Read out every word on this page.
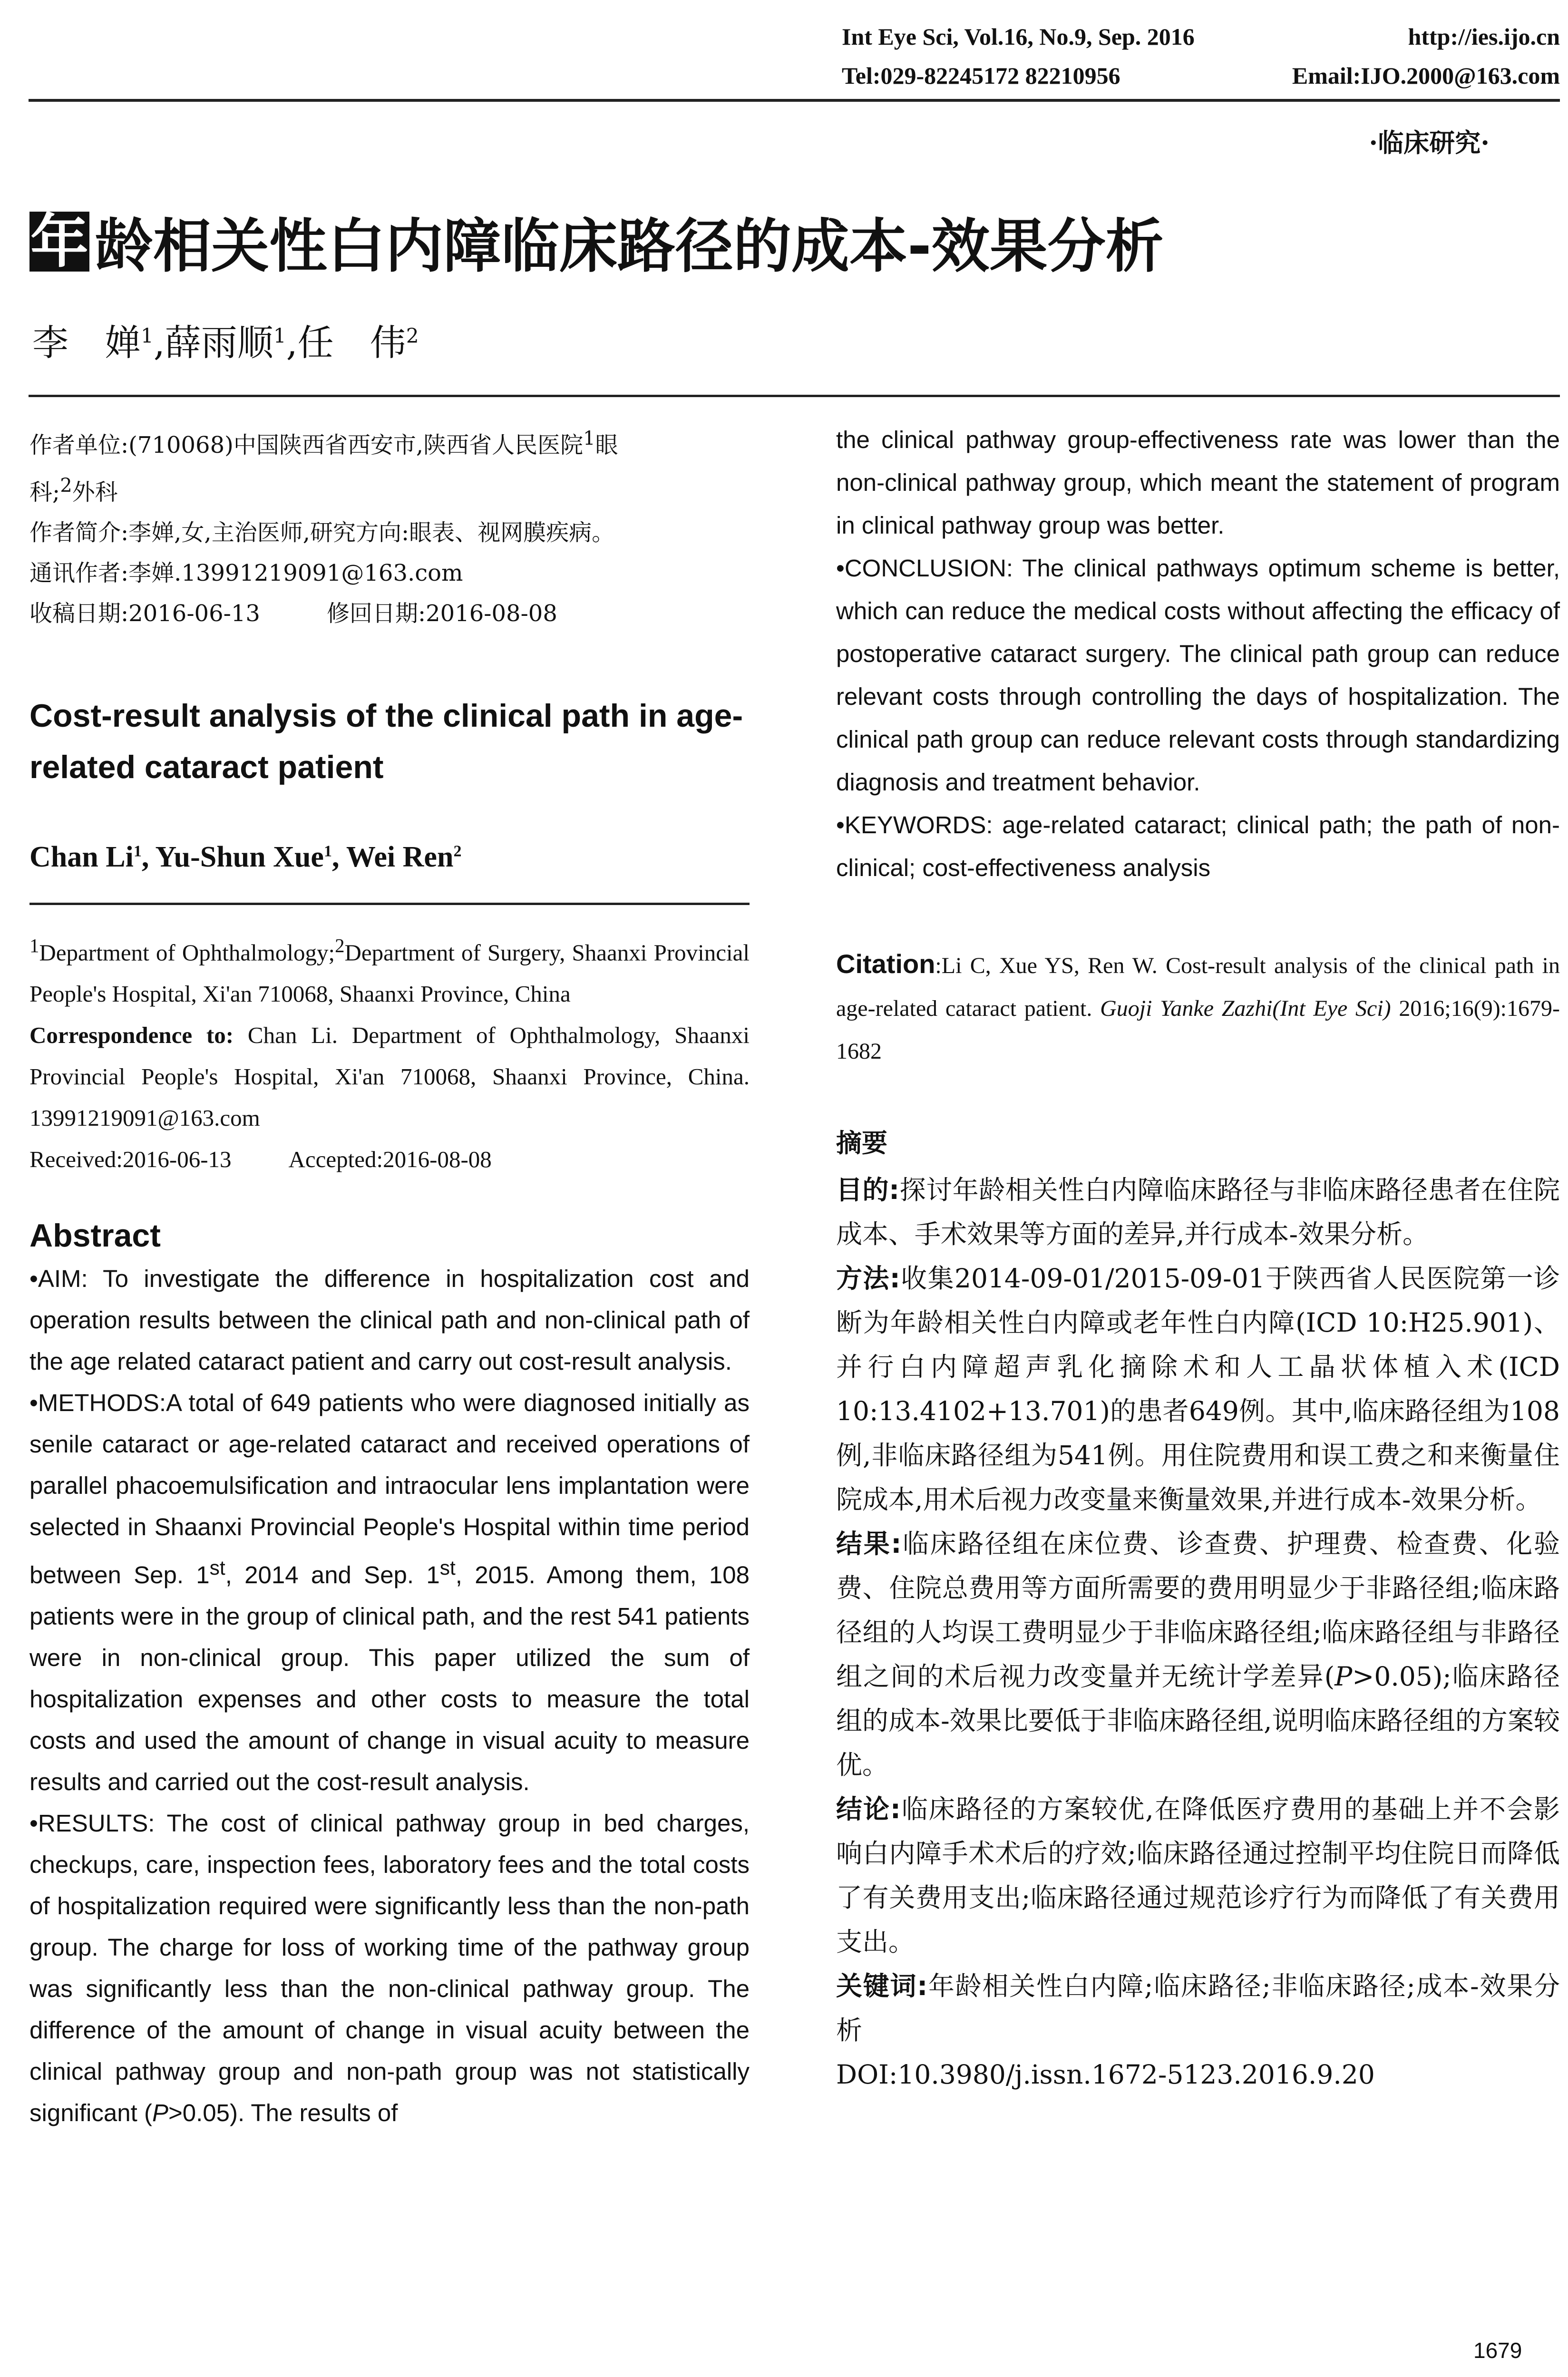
Int Eye Sci, Vol.16, No.9, Sep. 2016	http://ies.ijo.cn
Tel:029-82245172 82210956	Email:IJO.2000@163.com
·临床研究·
年 龄相关性白内障临床路径的成本-效果分析
李　婵$^1$,薛雨顺$^1$,任　伟$^2$
作者单位:(710068)中国陕西省西安市,陕西省人民医院$^1$眼
科;$^2$外科
作者简介:李婵,女,主治医师,研究方向:眼表、视网膜疾病。
通讯作者:李婵.13991219091@163.com
收稿日期:2016-06-13	修回日期:2016-08-08
Cost-result analysis of the clinical path in age-related cataract patient
Chan Li$^1$, Yu-Shun Xue$^1$, Wei Ren$^2$

$^1$Department of Ophthalmology;$^2$Department of Surgery, Shaanxi Provincial People's Hospital, Xi'an 710068, Shaanxi Province, China

Correspondence to: Chan Li. Department of Ophthalmology, Shaanxi Provincial People's Hospital, Xi'an 710068, Shaanxi Province, China. 13991219091@163.com

Received:2016-06-13 Accepted:2016-08-08

Abstract

•AIM: To investigate the difference in hospitalization cost and operation results between the clinical path and non-clinical path of the age related cataract patient and carry out cost-result analysis.

•METHODS:A total of 649 patients who were diagnosed initially as senile cataract or age-related cataract and received operations of parallel phacoemulsification and intraocular lens implantation were selected in Shaanxi Provincial People's Hospital within time period between Sep. 1st, 2014 and Sep. 1st, 2015. Among them, 108 patients were in the group of clinical path, and the rest 541 patients were in non-clinical group. This paper utilized the sum of hospitalization expenses and other costs to measure the total costs and used the amount of change in visual acuity to measure results and carried out the cost-result analysis.

•RESULTS: The cost of clinical pathway group in bed charges, checkups, care, inspection fees, laboratory fees and the total costs of hospitalization required were significantly less than the non-path group. The charge for loss of working time of the pathway group was significantly less than the non-clinical pathway group. The difference of the amount of change in visual acuity between the clinical pathway group and non-path group was not statistically significant (P>0.05). The results of

the clinical pathway group-effectiveness rate was lower than the non-clinical pathway group, which meant the statement of program in clinical pathway group was better.

•CONCLUSION: The clinical pathways optimum scheme is better, which can reduce the medical costs without affecting the efficacy of postoperative cataract surgery. The clinical path group can reduce relevant costs through controlling the days of hospitalization. The clinical path group can reduce relevant costs through standardizing diagnosis and treatment behavior.

•KEYWORDS: age-related cataract; clinical path; the path of non-clinical; cost-effectiveness analysis

Citation:Li C, Xue YS, Ren W. Cost-result analysis of the clinical path in age-related cataract patient. Guoji Yanke Zazhi(Int Eye Sci) 2016;16(9):1679-1682
摘要

目的:探讨年龄相关性白内障临床路径与非临床路径患者在住院成本、手术效果等方面的差异,并行成本-效果分析。

方法:收集2014-09-01/2015-09-01于陕西省人民医院第一诊断为年龄相关性白内障或老年性白内障(ICD 10:H25.901)、并行白内障超声乳化摘除术和人工晶状体植入术(ICD 10:13.4102+13.701)的患者649例。其中,临床路径组为108例,非临床路径组为541例。用住院费用和误工费之和来衡量住院成本,用术后视力改变量来衡量效果,并进行成本-效果分析。

结果:临床路径组在床位费、诊查费、护理费、检查费、化验费、住院总费用等方面所需要的费用明显少于非路径组;临床路径组的人均误工费明显少于非临床路径组;临床路径组与非路径组之间的术后视力改变量并无统计学差异(P>0.05);临床路径组的成本-效果比要低于非临床路径组,说明临床路径组的方案较优。

结论:临床路径的方案较优,在降低医疗费用的基础上并不会影响白内障手术术后的疗效;临床路径通过控制平均住院日而降低了有关费用支出;临床路径通过规范诊疗行为而降低了有关费用支出。

关键词:年龄相关性白内障;临床路径;非临床路径;成本-效果分析

DOI:10.3980/j.issn.1672-5123.2016.9.20

1679
